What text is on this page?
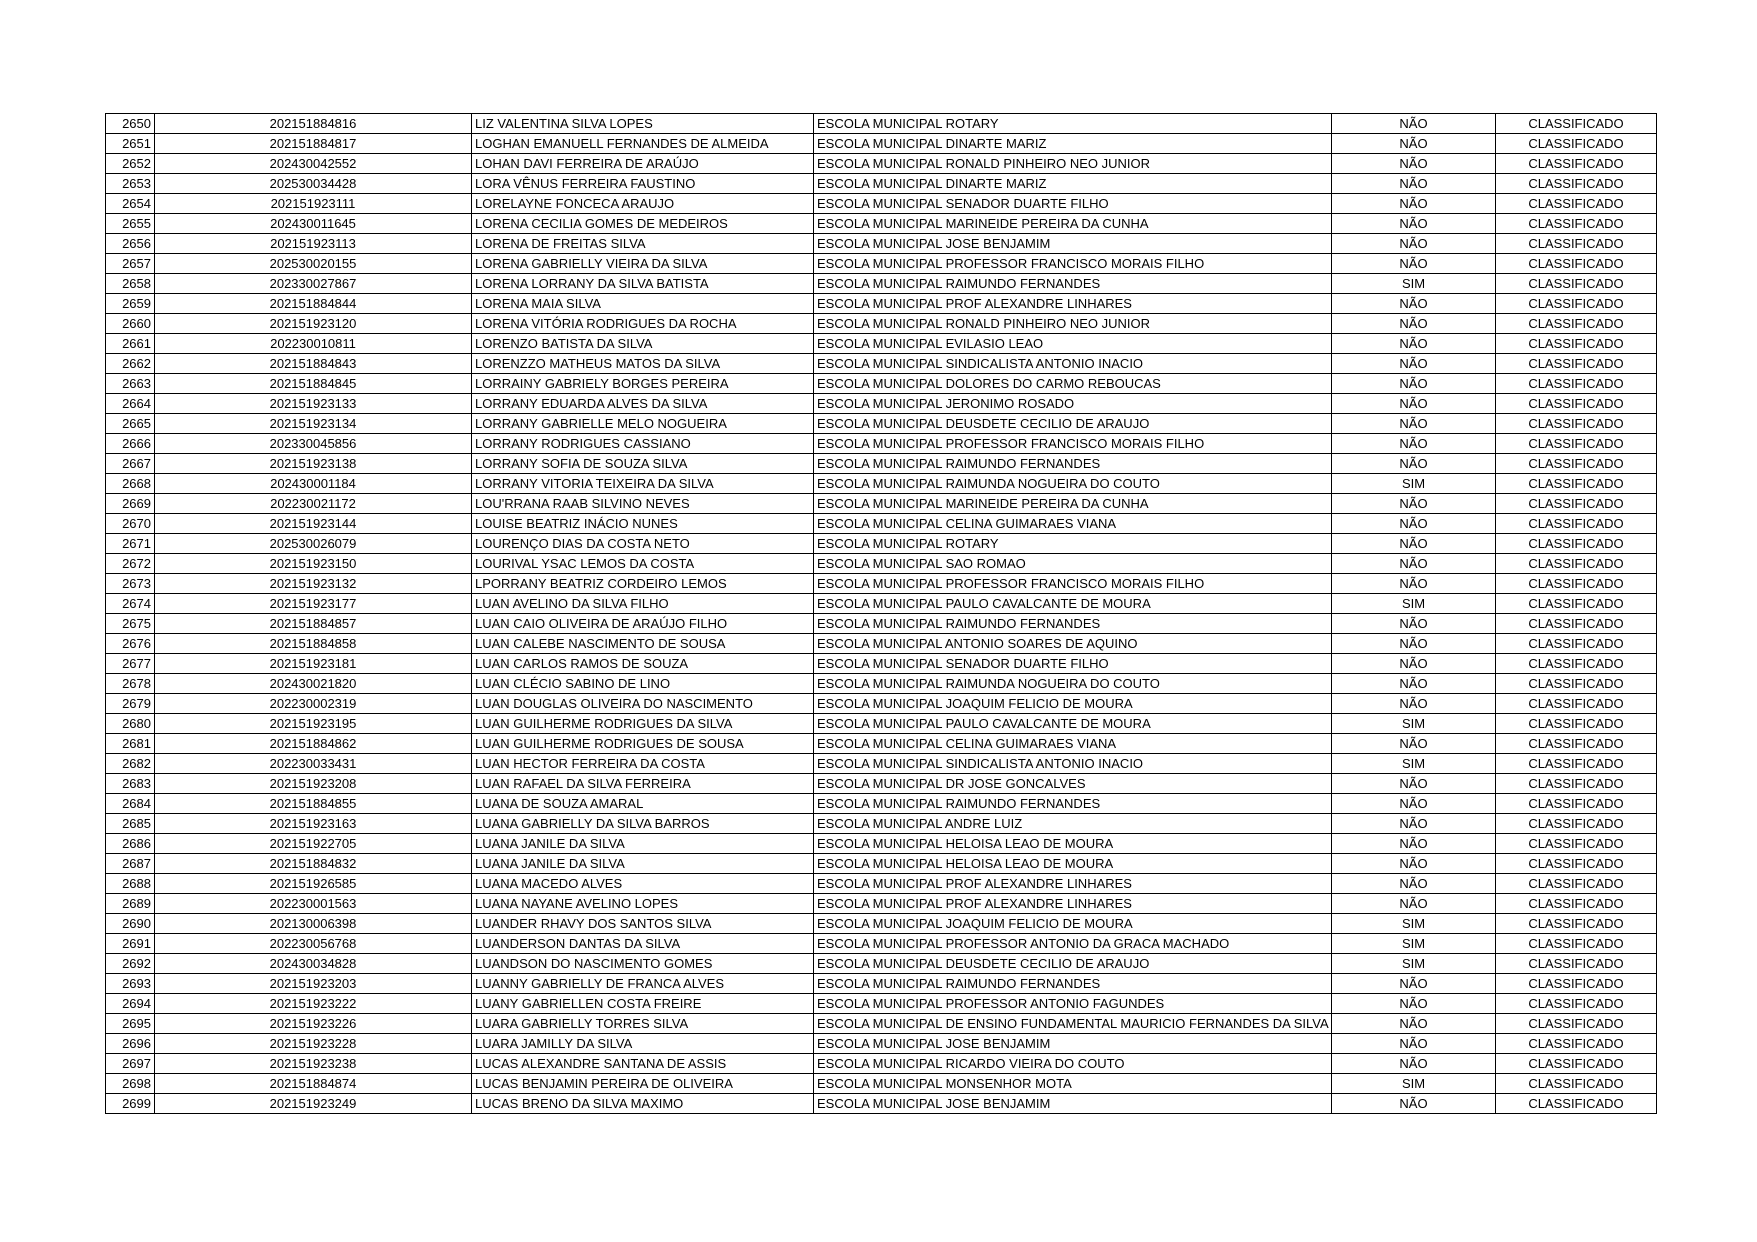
2650	202151884816	LIZ VALENTINA SILVA LOPES	ESCOLA MUNICIPAL ROTARY	NÃO	CLASSIFICADO
2651	202151884817	LOGHAN EMANUELL FERNANDES DE ALMEIDA	ESCOLA MUNICIPAL DINARTE MARIZ	NÃO	CLASSIFICADO
2652	202430042552	LOHAN DAVI FERREIRA DE ARAÚJO	ESCOLA MUNICIPAL RONALD PINHEIRO NEO JUNIOR	NÃO	CLASSIFICADO
2653	202530034428	LORA VÊNUS FERREIRA FAUSTINO	ESCOLA MUNICIPAL DINARTE MARIZ	NÃO	CLASSIFICADO
2654	202151923111	LORELAYNE FONCECA ARAUJO	ESCOLA MUNICIPAL SENADOR DUARTE FILHO	NÃO	CLASSIFICADO
2655	202430011645	LORENA CECILIA GOMES DE MEDEIROS	ESCOLA MUNICIPAL MARINEIDE PEREIRA DA CUNHA	NÃO	CLASSIFICADO
2656	202151923113	LORENA DE FREITAS SILVA	ESCOLA MUNICIPAL JOSE BENJAMIM	NÃO	CLASSIFICADO
2657	202530020155	LORENA GABRIELLY VIEIRA DA SILVA	ESCOLA MUNICIPAL PROFESSOR FRANCISCO MORAIS FILHO	NÃO	CLASSIFICADO
2658	202330027867	LORENA LORRANY DA SILVA BATISTA	ESCOLA MUNICIPAL RAIMUNDO FERNANDES	SIM	CLASSIFICADO
2659	202151884844	LORENA MAIA SILVA	ESCOLA MUNICIPAL PROF ALEXANDRE LINHARES	NÃO	CLASSIFICADO
2660	202151923120	LORENA VITÓRIA RODRIGUES DA ROCHA	ESCOLA MUNICIPAL RONALD PINHEIRO NEO JUNIOR	NÃO	CLASSIFICADO
2661	202230010811	LORENZO BATISTA DA SILVA	ESCOLA MUNICIPAL EVILASIO LEAO	NÃO	CLASSIFICADO
2662	202151884843	LORENZZO MATHEUS MATOS DA SILVA	ESCOLA MUNICIPAL SINDICALISTA ANTONIO INACIO	NÃO	CLASSIFICADO
2663	202151884845	LORRAINY GABRIELY BORGES PEREIRA	ESCOLA MUNICIPAL DOLORES DO CARMO REBOUCAS	NÃO	CLASSIFICADO
2664	202151923133	LORRANY EDUARDA ALVES DA SILVA	ESCOLA MUNICIPAL JERONIMO ROSADO	NÃO	CLASSIFICADO
2665	202151923134	LORRANY GABRIELLE MELO NOGUEIRA	ESCOLA MUNICIPAL DEUSDETE CECILIO DE ARAUJO	NÃO	CLASSIFICADO
2666	202330045856	LORRANY RODRIGUES CASSIANO	ESCOLA MUNICIPAL PROFESSOR FRANCISCO MORAIS FILHO	NÃO	CLASSIFICADO
2667	202151923138	LORRANY SOFIA DE SOUZA SILVA	ESCOLA MUNICIPAL RAIMUNDO FERNANDES	NÃO	CLASSIFICADO
2668	202430001184	LORRANY VITORIA TEIXEIRA DA SILVA	ESCOLA MUNICIPAL RAIMUNDA NOGUEIRA DO COUTO	SIM	CLASSIFICADO
2669	202230021172	LOU'RRANA RAAB SILVINO NEVES	ESCOLA MUNICIPAL MARINEIDE PEREIRA DA CUNHA	NÃO	CLASSIFICADO
2670	202151923144	LOUISE BEATRIZ INÁCIO NUNES	ESCOLA MUNICIPAL CELINA GUIMARAES VIANA	NÃO	CLASSIFICADO
2671	202530026079	LOURENÇO DIAS DA COSTA NETO	ESCOLA MUNICIPAL ROTARY	NÃO	CLASSIFICADO
2672	202151923150	LOURIVAL YSAC LEMOS DA COSTA	ESCOLA MUNICIPAL SAO ROMAO	NÃO	CLASSIFICADO
2673	202151923132	LPORRANY BEATRIZ CORDEIRO LEMOS	ESCOLA MUNICIPAL PROFESSOR FRANCISCO MORAIS FILHO	NÃO	CLASSIFICADO
2674	202151923177	LUAN AVELINO DA SILVA FILHO	ESCOLA MUNICIPAL PAULO CAVALCANTE DE MOURA	SIM	CLASSIFICADO
2675	202151884857	LUAN CAIO OLIVEIRA DE ARAÚJO FILHO	ESCOLA MUNICIPAL RAIMUNDO FERNANDES	NÃO	CLASSIFICADO
2676	202151884858	LUAN CALEBE NASCIMENTO DE SOUSA	ESCOLA MUNICIPAL ANTONIO SOARES DE AQUINO	NÃO	CLASSIFICADO
2677	202151923181	LUAN CARLOS RAMOS DE SOUZA	ESCOLA MUNICIPAL SENADOR DUARTE FILHO	NÃO	CLASSIFICADO
2678	202430021820	LUAN CLÉCIO SABINO DE LINO	ESCOLA MUNICIPAL RAIMUNDA NOGUEIRA DO COUTO	NÃO	CLASSIFICADO
2679	202230002319	LUAN DOUGLAS OLIVEIRA DO NASCIMENTO	ESCOLA MUNICIPAL JOAQUIM FELICIO DE MOURA	NÃO	CLASSIFICADO
2680	202151923195	LUAN GUILHERME RODRIGUES DA SILVA	ESCOLA MUNICIPAL PAULO CAVALCANTE DE MOURA	SIM	CLASSIFICADO
2681	202151884862	LUAN GUILHERME RODRIGUES DE SOUSA	ESCOLA MUNICIPAL CELINA GUIMARAES VIANA	NÃO	CLASSIFICADO
2682	202230033431	LUAN HECTOR FERREIRA DA COSTA	ESCOLA MUNICIPAL SINDICALISTA ANTONIO INACIO	SIM	CLASSIFICADO
2683	202151923208	LUAN RAFAEL DA SILVA FERREIRA	ESCOLA MUNICIPAL DR JOSE GONCALVES	NÃO	CLASSIFICADO
2684	202151884855	LUANA DE SOUZA AMARAL	ESCOLA MUNICIPAL RAIMUNDO FERNANDES	NÃO	CLASSIFICADO
2685	202151923163	LUANA GABRIELLY DA SILVA BARROS	ESCOLA MUNICIPAL ANDRE LUIZ	NÃO	CLASSIFICADO
2686	202151922705	LUANA JANILE DA SILVA	ESCOLA MUNICIPAL HELOISA LEAO DE MOURA	NÃO	CLASSIFICADO
2687	202151884832	LUANA JANILE DA SILVA	ESCOLA MUNICIPAL HELOISA LEAO DE MOURA	NÃO	CLASSIFICADO
2688	202151926585	LUANA MACEDO ALVES	ESCOLA MUNICIPAL PROF ALEXANDRE LINHARES	NÃO	CLASSIFICADO
2689	202230001563	LUANA NAYANE AVELINO LOPES	ESCOLA MUNICIPAL PROF ALEXANDRE LINHARES	NÃO	CLASSIFICADO
2690	202130006398	LUANDER RHAVY DOS SANTOS SILVA	ESCOLA MUNICIPAL JOAQUIM FELICIO DE MOURA	SIM	CLASSIFICADO
2691	202230056768	LUANDERSON DANTAS DA SILVA	ESCOLA MUNICIPAL PROFESSOR ANTONIO DA GRACA MACHADO	SIM	CLASSIFICADO
2692	202430034828	LUANDSON DO NASCIMENTO GOMES	ESCOLA MUNICIPAL DEUSDETE CECILIO DE ARAUJO	SIM	CLASSIFICADO
2693	202151923203	LUANNY GABRIELLY DE FRANCA ALVES	ESCOLA MUNICIPAL RAIMUNDO FERNANDES	NÃO	CLASSIFICADO
2694	202151923222	LUANY GABRIELLEN COSTA FREIRE	ESCOLA MUNICIPAL PROFESSOR ANTONIO FAGUNDES	NÃO	CLASSIFICADO
2695	202151923226	LUARA GABRIELLY TORRES SILVA	ESCOLA MUNICIPAL DE ENSINO FUNDAMENTAL MAURICIO FERNANDES DA SILVA	NÃO	CLASSIFICADO
2696	202151923228	LUARA JAMILLY DA SILVA	ESCOLA MUNICIPAL JOSE BENJAMIM	NÃO	CLASSIFICADO
2697	202151923238	LUCAS ALEXANDRE SANTANA DE ASSIS	ESCOLA MUNICIPAL RICARDO VIEIRA DO COUTO	NÃO	CLASSIFICADO
2698	202151884874	LUCAS BENJAMIN PEREIRA DE OLIVEIRA	ESCOLA MUNICIPAL MONSENHOR MOTA	SIM	CLASSIFICADO
2699	202151923249	LUCAS BRENO DA SILVA MAXIMO	ESCOLA MUNICIPAL JOSE BENJAMIM	NÃO	CLASSIFICADO
